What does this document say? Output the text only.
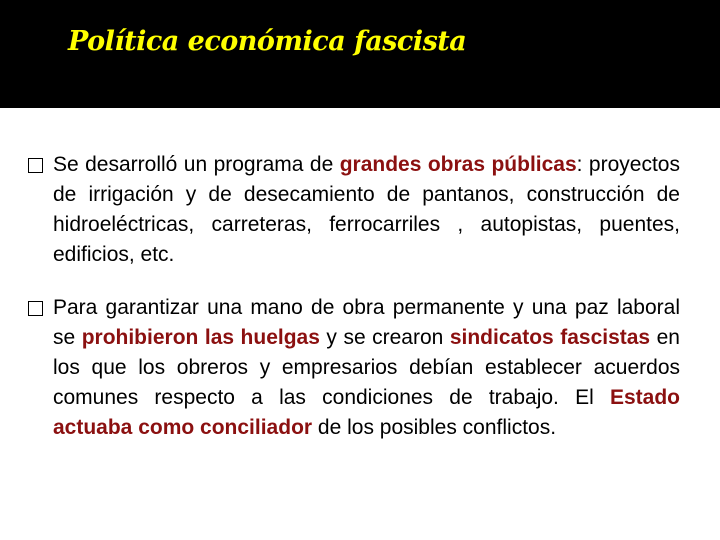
Política económica fascista
Se desarrolló un programa de grandes obras públicas: proyectos de irrigación y de desecamiento de pantanos, construcción de hidroeléctricas, carreteras, ferrocarriles , autopistas, puentes, edificios, etc.
Para garantizar una mano de obra permanente y una paz laboral se prohibieron las huelgas y se crearon sindicatos fascistas en los que los obreros y empresarios debían establecer acuerdos comunes respecto a las condiciones de trabajo. El Estado actuaba como conciliador de los posibles conflictos.
